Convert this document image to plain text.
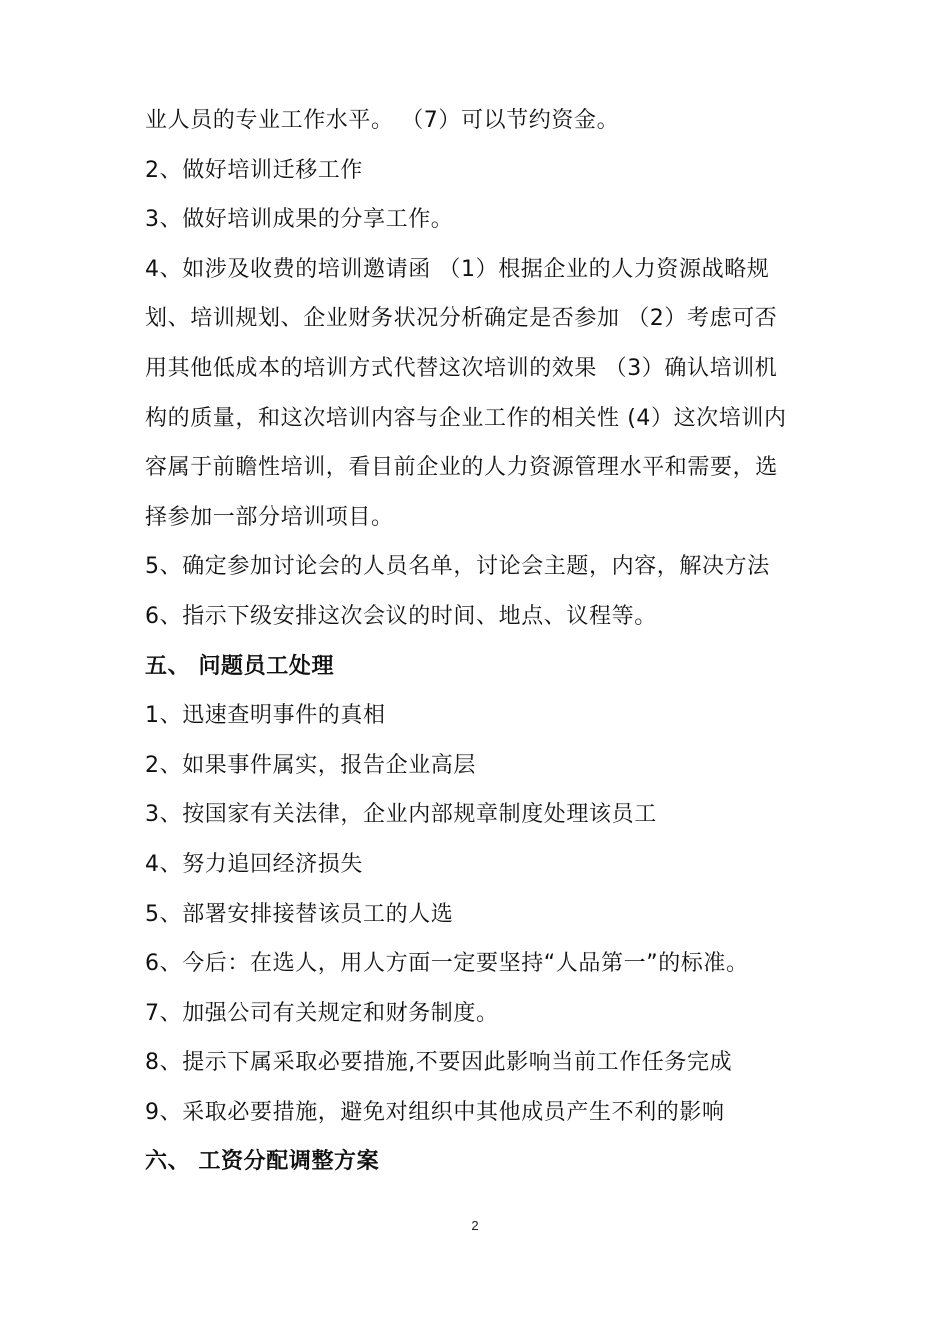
业人员的专业工作水平。 （7）可以节约资金。
2、做好培训迁移工作
3、做好培训成果的分享工作。
4、如涉及收费的培训邀请函 （1）根据企业的人力资源战略规
划、培训规划、企业财务状况分析确定是否参加 （2）考虑可否
用其他低成本的培训方式代替这次培训的效果 （3）确认培训机
构的质量，和这次培训内容与企业工作的相关性 (4）这次培训内
容属于前瞻性培训，看目前企业的人力资源管理水平和需要，选
择参加一部分培训项目。
5、确定参加讨论会的人员名单，讨论会主题，内容，解决方法
6、指示下级安排这次会议的时间、地点、议程等。
五、 问题员工处理
1、迅速查明事件的真相
2、如果事件属实，报告企业高层
3、按国家有关法律，企业内部规章制度处理该员工
4、努力追回经济损失
5、部署安排接替该员工的人选
6、今后：在选人，用人方面一定要坚持“人品第一”的标准。
7、加强公司有关规定和财务制度。
8、提示下属采取必要措施,不要因此影响当前工作任务完成
9、采取必要措施，避免对组织中其他成员产生不利的影响
六、 工资分配调整方案
2
